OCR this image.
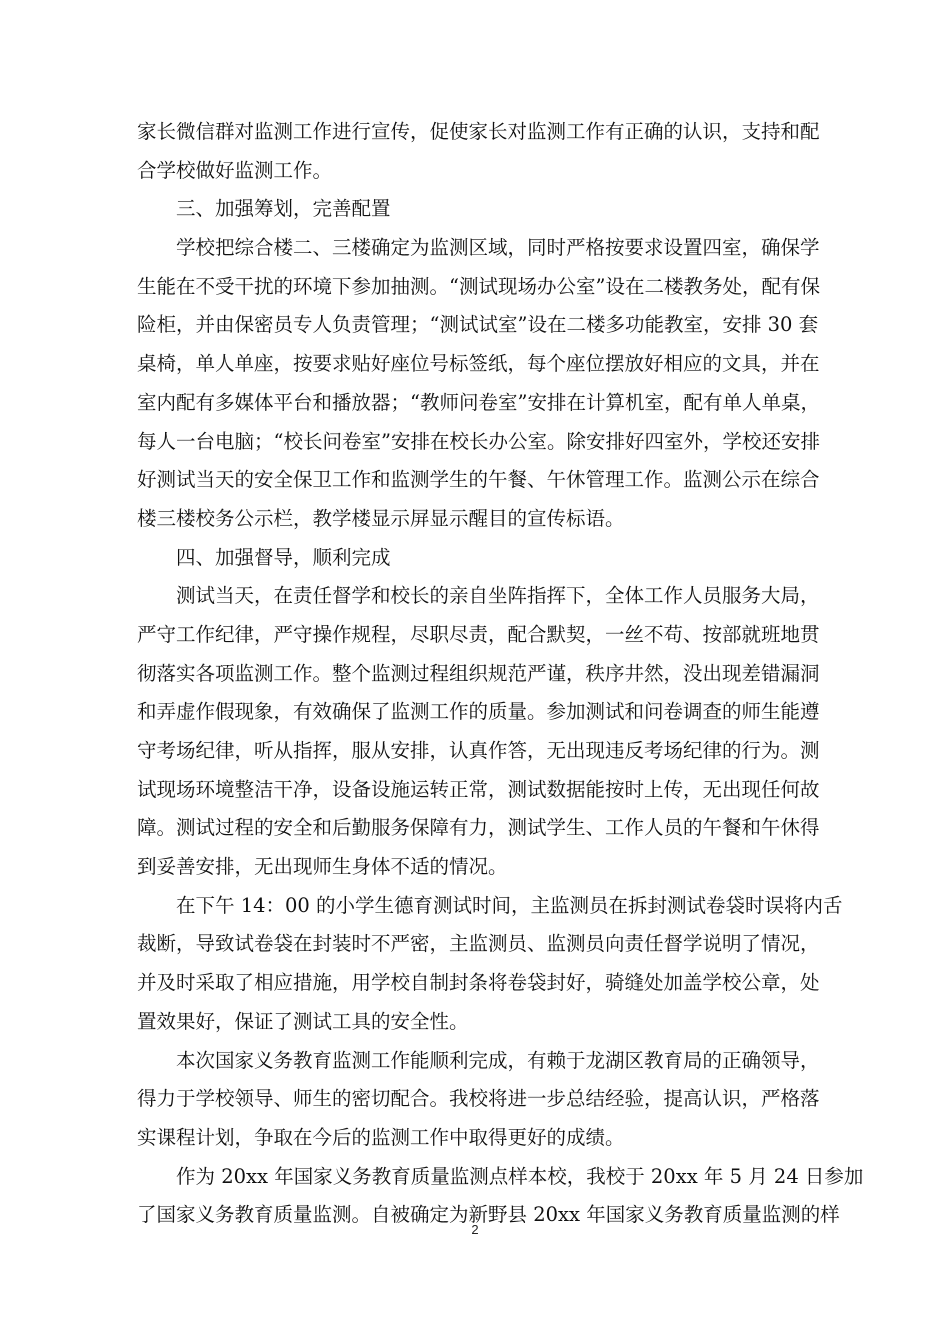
家长微信群对监测工作进行宣传，促使家长对监测工作有正确的认识，支持和配
合学校做好监测工作。
三、加强筹划，完善配置
学校把综合楼二、三楼确定为监测区域，同时严格按要求设置四室，确保学
生能在不受干扰的环境下参加抽测。“测试现场办公室”设在二楼教务处，配有保
险柜，并由保密员专人负责管理；“测试试室”设在二楼多功能教室，安排 30 套
桌椅，单人单座，按要求贴好座位号标签纸，每个座位摆放好相应的文具，并在
室内配有多媒体平台和播放器；“教师问卷室”安排在计算机室，配有单人单桌，
每人一台电脑；“校长问卷室”安排在校长办公室。除安排好四室外，学校还安排
好测试当天的安全保卫工作和监测学生的午餐、午休管理工作。监测公示在综合
楼三楼校务公示栏，教学楼显示屏显示醒目的宣传标语。
四、加强督导，顺利完成
测试当天，在责任督学和校长的亲自坐阵指挥下，全体工作人员服务大局，
严守工作纪律，严守操作规程，尽职尽责，配合默契，一丝不苟、按部就班地贯
彻落实各项监测工作。整个监测过程组织规范严谨，秩序井然，没出现差错漏洞
和弄虚作假现象，有效确保了监测工作的质量。参加测试和问卷调查的师生能遵
守考场纪律，听从指挥，服从安排，认真作答，无出现违反考场纪律的行为。测
试现场环境整洁干净，设备设施运转正常，测试数据能按时上传，无出现任何故
障。测试过程的安全和后勤服务保障有力，测试学生、工作人员的午餐和午休得
到妥善安排，无出现师生身体不适的情况。
在下午 14：00 的小学生德育测试时间，主监测员在拆封测试卷袋时误将内舌
裁断，导致试卷袋在封装时不严密，主监测员、监测员向责任督学说明了情况，
并及时采取了相应措施，用学校自制封条将卷袋封好，骑缝处加盖学校公章，处
置效果好，保证了测试工具的安全性。
本次国家义务教育监测工作能顺利完成，有赖于龙湖区教育局的正确领导，
得力于学校领导、师生的密切配合。我校将进一步总结经验，提高认识，严格落
实课程计划，争取在今后的监测工作中取得更好的成绩。
作为 20xx 年国家义务教育质量监测点样本校，我校于 20xx 年 5 月 24 日参加
了国家义务教育质量监测。自被确定为新野县 20xx 年国家义务教育质量监测的样
2
